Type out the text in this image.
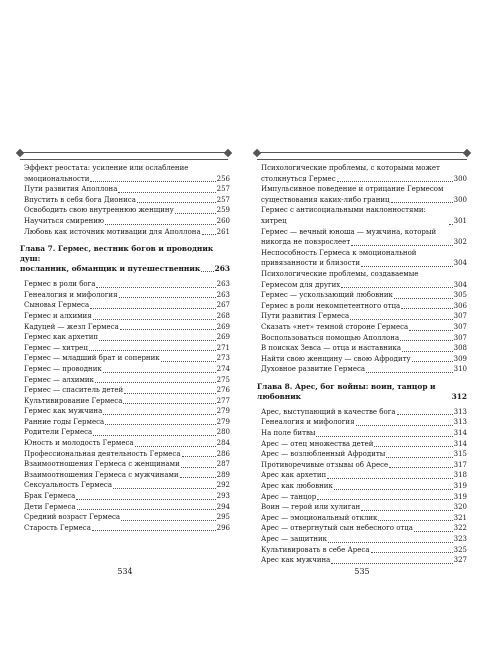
Эффект реостата: усиление или ослабление
эмоциональности	256
Пути развития Аполлона	257
Впустить в себя бога Диониса	257
Освободить свою внутреннюю женщину	259
Научиться смирению	260
Любовь как источник мотивации для Аполлона 261
Глава 7. Гермес, вестник богов и проводник душ:
посланник, обманщик и путешественник 263
Гермес в роли бога	263
Генеалогия и мифология	263
Сыновья Гермеса	267
Гермес и алхимия	268
Кадуцей — жезл Гермеса	269
Гермес как архетип	269
Гермес — хитрец	271
Гермес — младший брат и соперник	273
Гермес — проводник	274
Гермес — алхимик	275
Гермес — спаситель детей	276
Культивирование Гермеса	277
Гермес как мужчина	279
Ранние годы Гермеса	279
Родители Гермеса	280
Юность и молодость Гермеса	284
Профессиональная деятельность Гермеса	286
Взаимоотношения Гермеса с женщинами	287
Взаимоотношения Гермеса с мужчинами	289
Сексуальность Гермеса	292
Брак Гермеса	293
Дети Гермеса	294
Средний возраст Гермеса	295
Старость Гермеса	296
534
Психологические проблемы, с которыми может
столкнуться Гермес	300
Импульсивное поведение и отрицание Гермесом
существования каких-либо границ	300
Гермес с антисоциальными наклонностями: хитрец	301
Гермес — вечный юноша — мужчина, который
никогда не повзрослеет	302
Неспособность Гермеса к эмоциональной
привязанности и близости	304
Психологические проблемы, создаваемые
Гермесом для других	304
Гермес — ускользающий любовник	305
Гермес в роли некомпетентного отца	306
Пути развития Гермеса	307
Сказать «нет» темной стороне Гермеса	307
Воспользоваться помощью Аполлона	307
В поисках Зевса — отца и наставника	308
Найти свою женщину — свою Афродиту	309
Духовное развитие Гермеса	310
Глава 8. Арес, бог войны: воин, танцор и любовник	312
Арес, выступающий в качестве бога	313
Генеалогия и мифология	313
На поле битвы	314
Арес — отец множества детей	314
Арес — возлюбленный Афродиты	315
Противоречивые отзывы об Аресе	317
Арес как архетип	318
Арес как любовник	319
Арес — танцор	319
Воин — герой или хулиган	320
Арес — эмоциональный отклик	321
Арес — отвергнутый сын небесного отца	322
Арес — защитник	323
Культивировать в себе Ареса	325
Арес как мужчина	327
535
